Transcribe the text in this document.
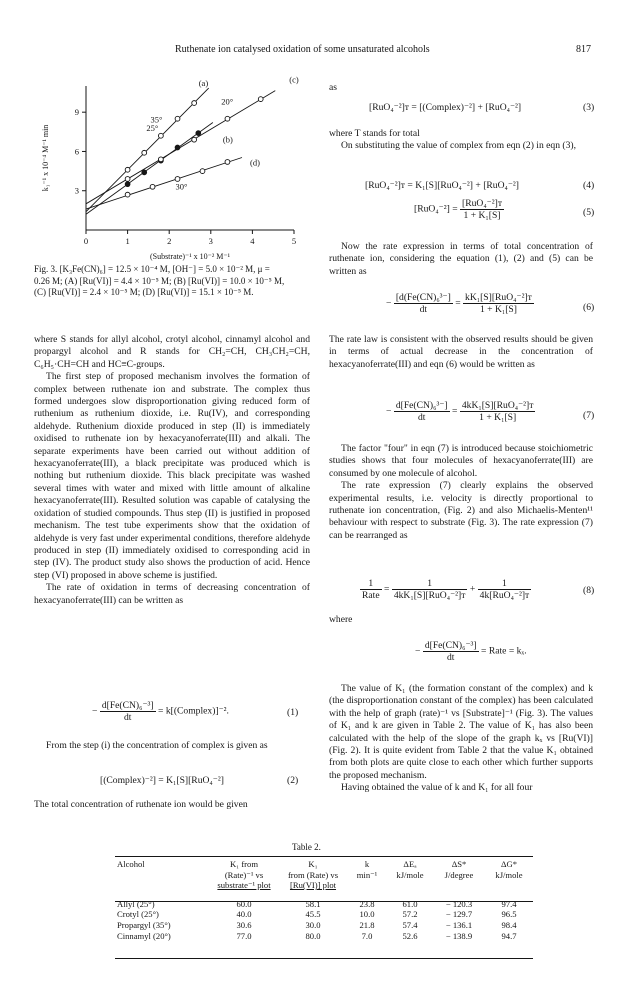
Ruthenate ion catalysed oxidation of some unsaturated alcohols	817
0	1	2	3	4	5
3
6
9
(Substrate)⁻¹ x 10⁻² M⁻¹
k₁⁻¹ x 10⁻⁴ M⁻¹ min
(a)
25°
(b)
35°
(c)
20°
(d)
30°
Fig. 3. [K₃Fe(CN)₆] = 12.5 × 10⁻⁴ M, [OH⁻] = 5.0 × 10⁻² M, μ =
0.26 M; (A) [Ru(VI)] = 4.4 × 10⁻⁵ M; (B) [Ru(VI)] = 10.0 × 10⁻⁵ M,
(C) [Ru(VI)] = 2.4 × 10⁻⁵ M; (D) [Ru(VI)] = 15.1 × 10⁻⁵ M.

where S stands for allyl alcohol, crotyl alcohol, cinnamyl alcohol and propargyl alcohol and R stands for CH₂=CH, CH₃CH₂=CH, C₆H₅·CH=CH and HC≡C-groups.

The first step of proposed mechanism involves the formation of complex between ruthenate ion and substrate. The complex thus formed undergoes slow disproportionation giving reduced form of ruthenium as ruthenium dioxide, i.e. Ru(IV), and corresponding aldehyde. Ruthenium dioxide produced in step (II) is immediately oxidised to ruthenate ion by hexacyanoferrate(III) and alkali. The separate experiments have been carried out without addition of hexacyanoferrate(III), a black precipitate was produced which is nothing but ruthenium dioxide. This black precipitate was washed several times with water and mixed with little amount of alkaline hexacyanoferrate(III). Resulted solution was capable of catalysing the oxidation of studied compounds. Thus step (II) is justified in proposed mechanism. The test tube experiments show that the oxidation of aldehyde is very fast under experimental conditions, therefore aldehyde produced in step (II) immediately oxidised to corresponding acid in step (IV). The product study also shows the production of acid. Hence step (VI) proposed in above scheme is justified.

The rate of oxidation in terms of decreasing concentration of hexacyanoferrate(III) can be written as

− $\frac{\text{d[Fe(CN)₆⁻³]}}{dt}$ = k[(Complex)]⁻².	(1)

From the step (i) the concentration of complex is given as

[(Complex)⁻²] = K₁[S][RuO₄⁻²]	(2)

The total concentration of ruthenate ion would be given

as
[RuO₄⁻²]ᴛ = [(Complex)⁻²] + [RuO₄⁻²]	(3)

where T stands for total

On substituting the value of complex from eqn (2) in eqn (3),

[RuO₄⁻²]ᴛ = K₁[S][RuO₄⁻²] + [RuO₄⁻²]	(4)
$[RuO_4^{-2}] = \frac{\text{[RuO₄⁻²]ᴛ}}{\text{1 + K₁[S]}}$	(5)

Now the rate expression in terms of total concentration of ruthenate ion, considering the equation (1), (2) and (5) can be written as

− $\frac{\text{[d(Fe(CN)₆³⁻]}}{dt} = \frac{\text{kK₁[S][RuO₄⁻²]ᴛ}}{\text{1 + K₁[S]}}$	(6)

The rate law is consistent with the observed results should be given in terms of actual decrease in the concentration of hexacyanoferrate(III) and eqn (6) would be written as

− $\frac{\text{d[Fe(CN)₆³⁻]}}{dt} = \frac{\text{4kK₁[S][RuO₄⁻²]ᴛ}}{\text{1 + K₁[S]}}$	(7)

The factor "four" in eqn (7) is introduced because stoichiometric studies shows that four molecules of hexacyanoferrate(III) are consumed by one molecule of alcohol.

The rate expression (7) clearly explains the observed experimental results, i.e. velocity is directly proportional to ruthenate ion concentration, (Fig. 2) and also Michaelis-Menten¹¹ behaviour with respect to substrate (Fig. 3). The rate expression (7) can be rearranged as

$\frac{1}{\text{Rate}} = \frac{1}{\text{4kK₁[S][RuO₄⁻²]ᴛ}} + \frac{1}{\text{4k[RuO₄⁻²]ᴛ}}$	(8)
where
− $\frac{\text{d[Fe(CN)₆⁻³]}}{dt}$ = Rate = kₓ.

The value of K₁ (the formation constant of the complex) and k (the disproportionation constant of the complex) has been calculated with the help of graph (rate)⁻¹ vs [Substrate]⁻¹ (Fig. 3). The values of K₁ and k are given in Table 2. The value of K₁ has also been calculated with the help of the slope of the graph kₓ vs [Ru(VI)] (Fig. 2). It is quite evident from Table 2 that the value K₁ obtained from both plots are quite close to each other which further supports the proposed mechanism.

Having obtained the value of k and K₁ for all four

Table 2.
Alcohol	K₁ from	K₁	k	ΔEₐ	ΔS*	ΔG*
	(Rate)⁻¹ vs	from (Rate) vs	min⁻¹	kJ/mole	J/degree	kJ/mole
	substrate⁻¹ plot	[Ru(VI)] plot				

Allyl (25°)	60.0	58.1	23.8	61.0	− 120.3	97.4
Crotyl (25°)	40.0	45.5	10.0	57.2	− 129.7	96.5
Propargyl (35°)	30.6	30.0	21.8	57.4	− 136.1	98.4
Cinnamyl (20°)	77.0	80.0	7.0	52.6	− 138.9	94.7
